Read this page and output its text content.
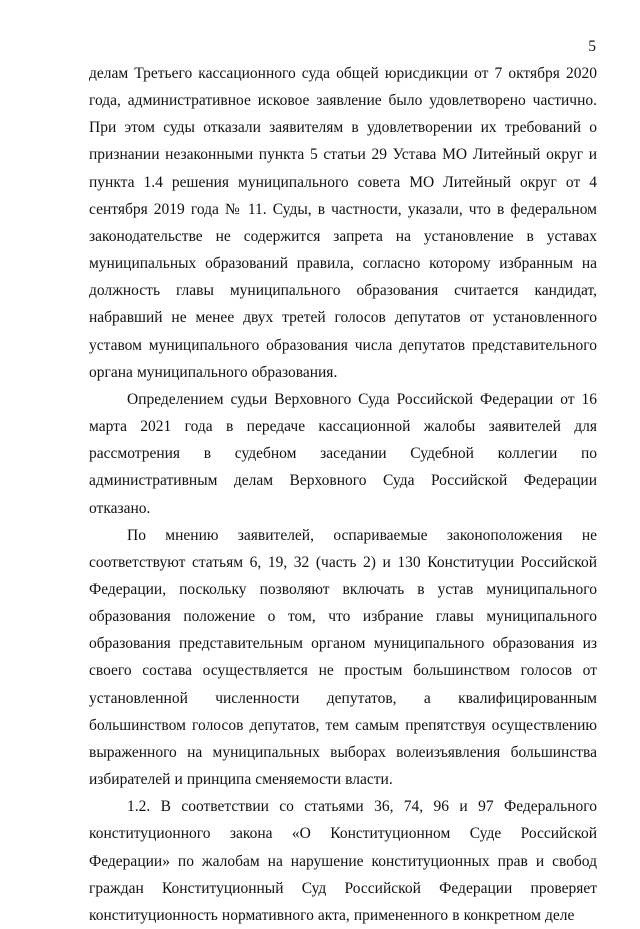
5

делам Третьего кассационного суда общей юрисдикции от 7 октября 2020 года, административное исковое заявление было удовлетворено частично. При этом суды отказали заявителям в удовлетворении их требований о признании незаконными пункта 5 статьи 29 Устава МО Литейный округ и пункта 1.4 решения муниципального совета МО Литейный округ от 4 сентября 2019 года № 11. Суды, в частности, указали, что в федеральном законодательстве не содержится запрета на установление в уставах муниципальных образований правила, согласно которому избранным на должность главы муниципального образования считается кандидат, набравший не менее двух третей голосов депутатов от установленного уставом муниципального образования числа депутатов представительного органа муниципального образования.

Определением судьи Верховного Суда Российской Федерации от 16 марта 2021 года в передаче кассационной жалобы заявителей для рассмотрения в судебном заседании Судебной коллегии по административным делам Верховного Суда Российской Федерации отказано.

По мнению заявителей, оспариваемые законоположения не соответствуют статьям 6, 19, 32 (часть 2) и 130 Конституции Российской Федерации, поскольку позволяют включать в устав муниципального образования положение о том, что избрание главы муниципального образования представительным органом муниципального образования из своего состава осуществляется не простым большинством голосов от установленной численности депутатов, а квалифицированным большинством голосов депутатов, тем самым препятствуя осуществлению выраженного на муниципальных выборах волеизъявления большинства избирателей и принципа сменяемости власти.

1.2. В соответствии со статьями 36, 74, 96 и 97 Федерального конституционного закона «О Конституционном Суде Российской Федерации» по жалобам на нарушение конституционных прав и свобод граждан Конституционный Суд Российской Федерации проверяет конституционность нормативного акта, примененного в конкретном деле
